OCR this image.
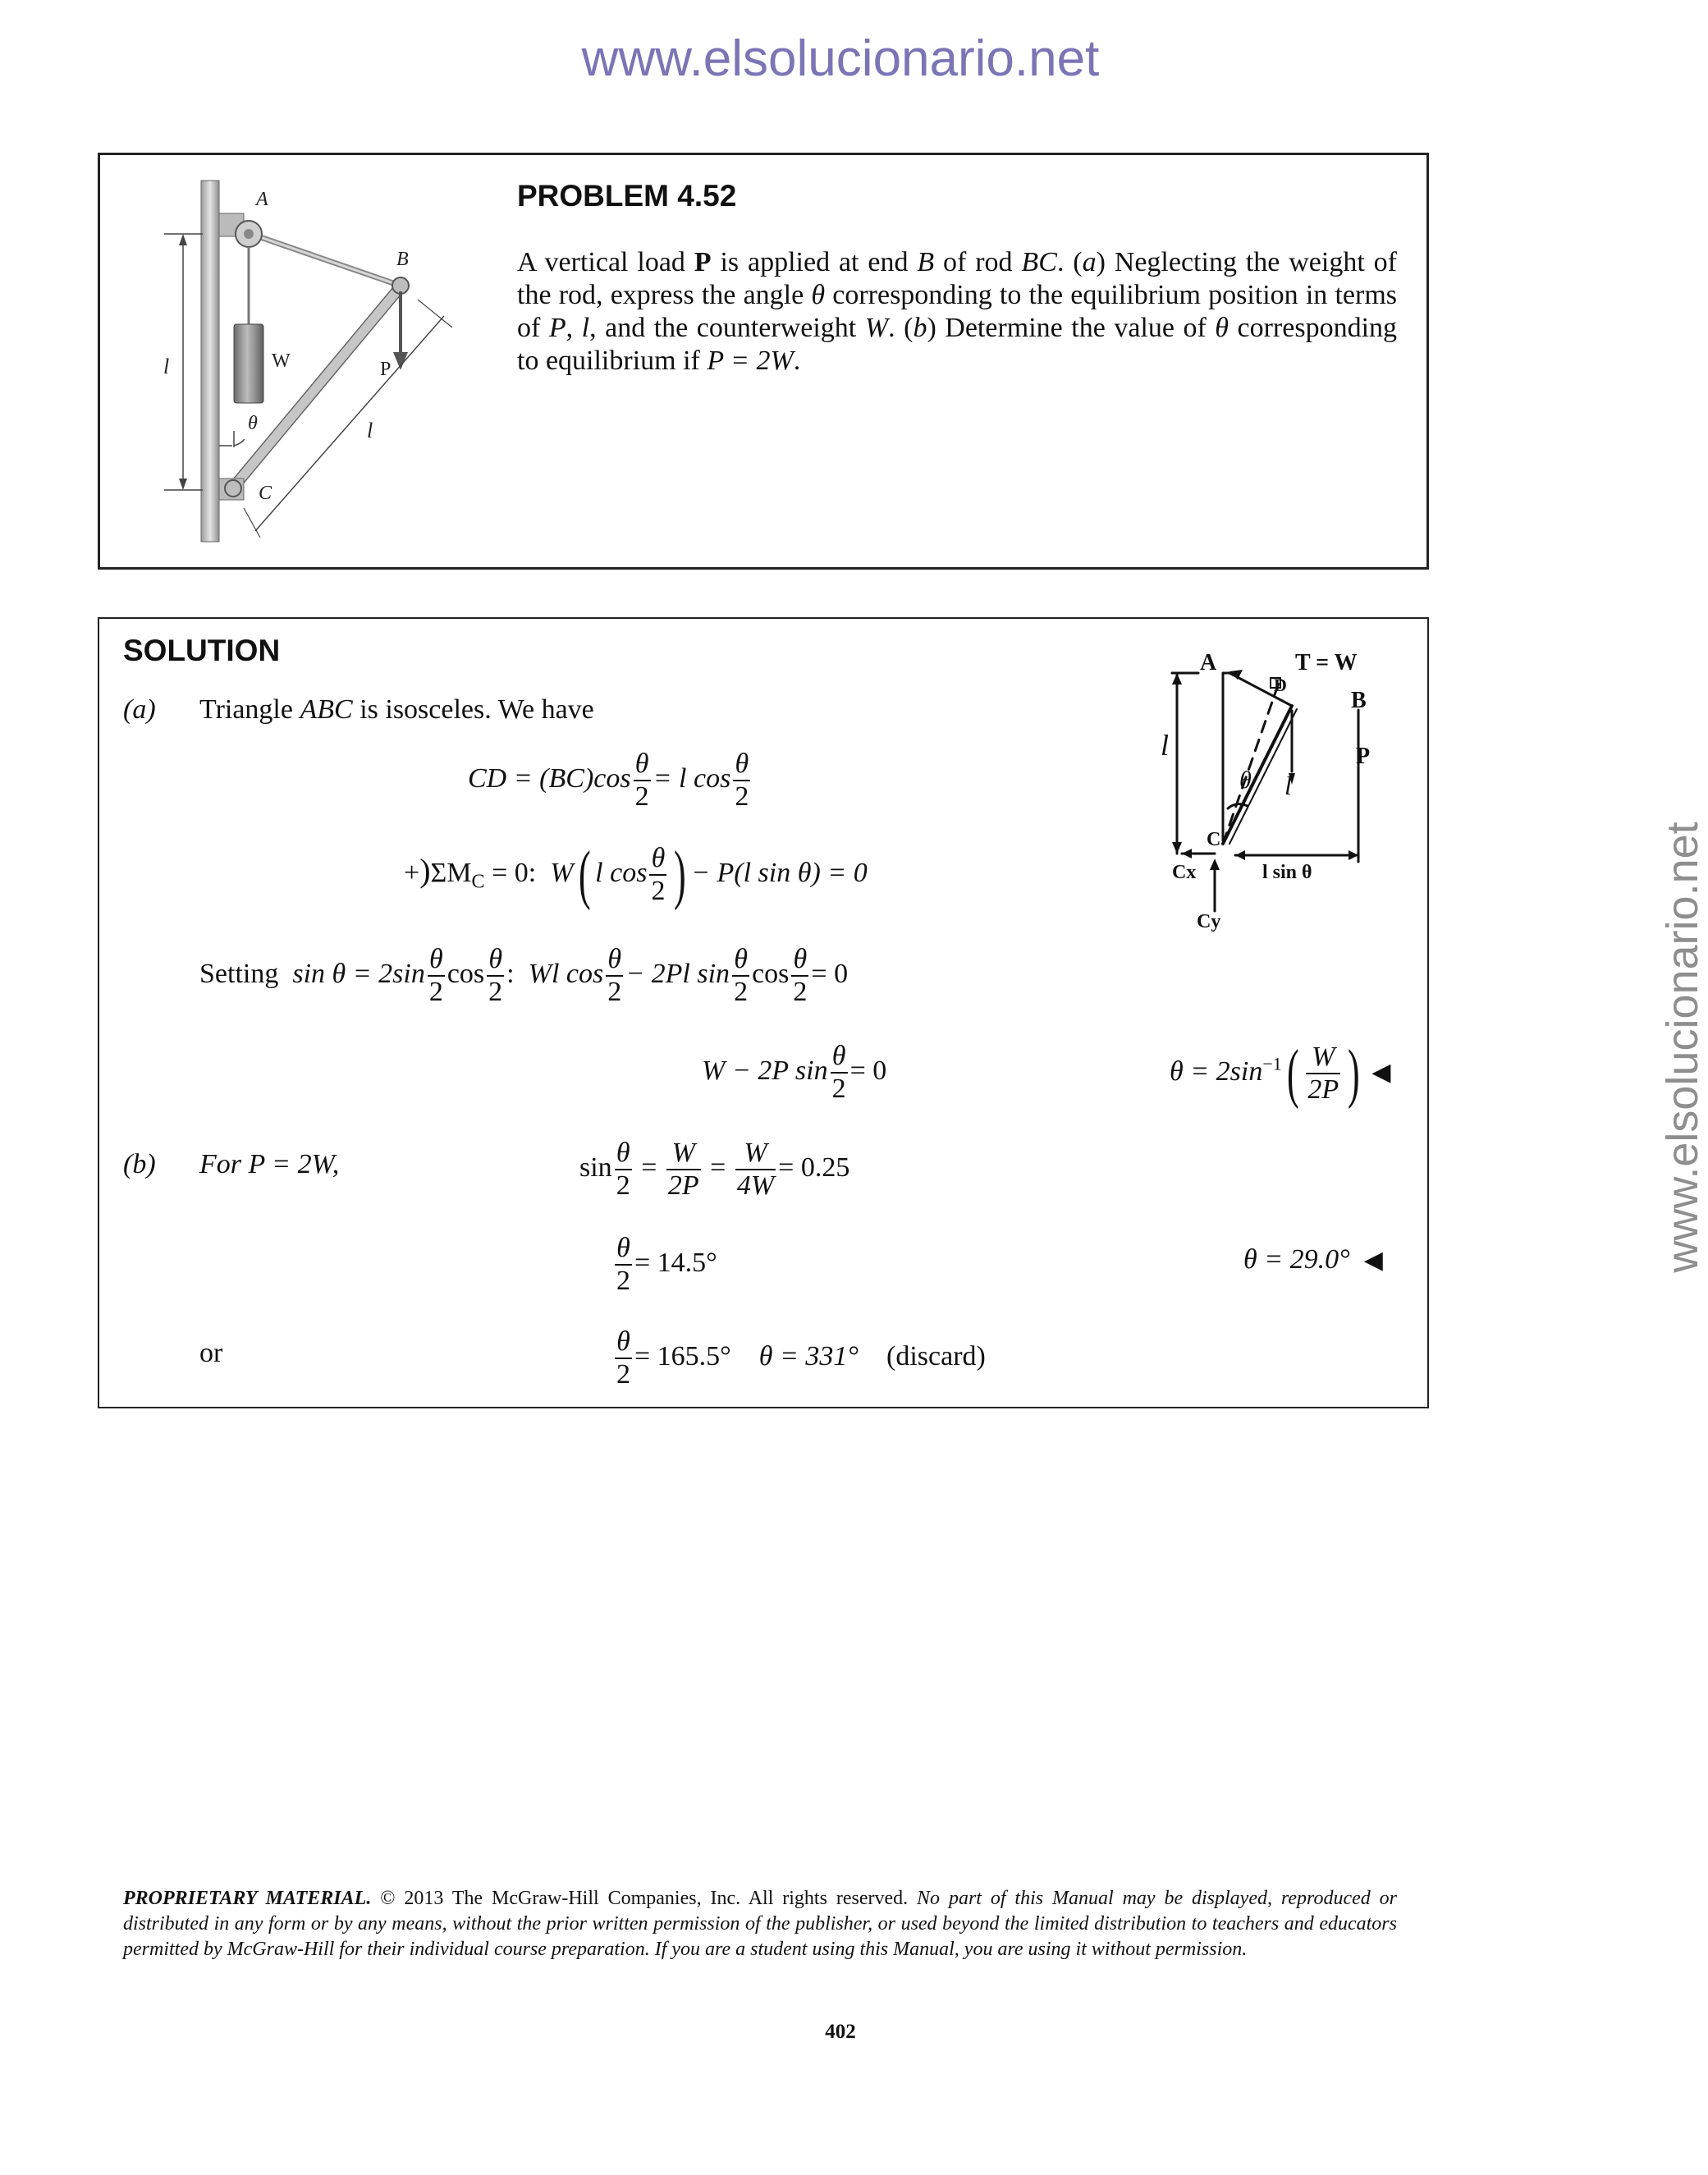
www.elsolucionario.net
www.elsolucionario.net
A
B
C
W	P
l
l
θ
PROBLEM 4.52
A vertical load P is applied at end B of rod BC. (a) Neglecting the weight of the rod, express the angle θ corresponding to the equilibrium position in terms of P, l, and the counterweight W. (b) Determine the value of θ corresponding to equilibrium if P = 2W.
SOLUTION	A	T = W
D
B
P
l
l
θ
C
Cx
Cy
l sin θ
(a) Triangle ABC is isosceles. We have
CD = $(BC)\cos \frac{\theta}{2} = l$ $\cos \frac{\theta}{2}$
$+)\Sigma M_C = 0$: W( l $\cos \frac{\theta}{2}$ ) − P(l sin θ) = 0
Setting $\sin \theta = 2\sin \frac{\theta}{2}$ $\cos \frac{\theta}{2}$ : Wl $\cos \frac{\theta}{2} - 2Pl$ $\sin \frac{\theta}{2}$ $\cos \frac{\theta}{2} = 0$
W − 2P $\sin \frac{\theta}{2} = 0$	$\theta = 2\sin^{-1}( \frac{W}{2P}$ ) ◀
(b) For P = 2W,	$\sin \frac{\theta}{2} = \frac{W}{2P} = \frac{W}{4W} = 0.25$
$\frac{\theta}{2} = 14.5^\circ$	θ = 29.0° ◀
or	$\frac{\theta}{2} = 165.5^\circ$ θ = 331° (discard)
PROPRIETARY MATERIAL. © 2013 The McGraw-Hill Companies, Inc. All rights reserved. No part of this Manual may be displayed, reproduced or distributed in any form or by any means, without the prior written permission of the publisher, or used beyond the limited distribution to teachers and educators permitted by McGraw-Hill for their individual course preparation. If you are a student using this Manual, you are using it without permission.
402
